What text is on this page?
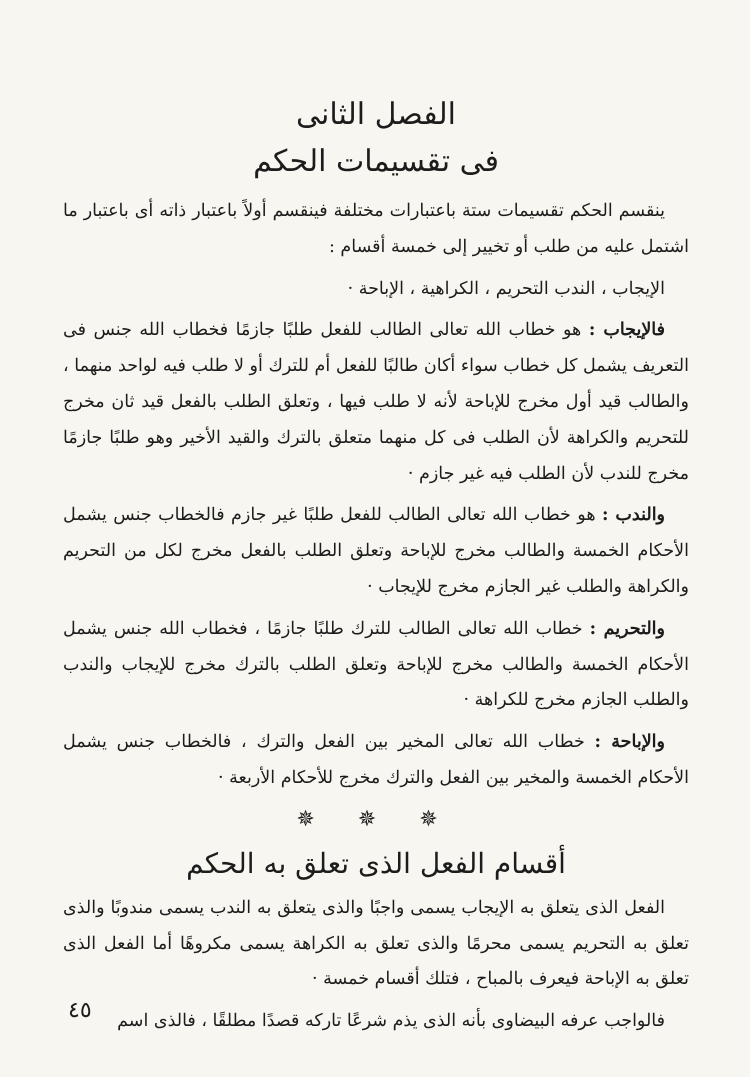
الفصل الثانى
فى تقسيمات الحكم

ينقسم الحكم تقسيمات ستة باعتبارات مختلفة فينقسم أولاً باعتبار ذاته أى باعتبار ما اشتمل عليه من طلب أو تخيير إلى خمسة أقسام :

الإيجاب ، الندب التحريم ، الكراهية ، الإباحة ·

فالإيجاب : هو خطاب الله تعالى الطالب للفعل طلبًا جازمًا فخطاب الله جنس فى التعريف يشمل كل خطاب سواء أكان طالبًا للفعل أم للترك أو لا طلب فيه لواحد منهما ، والطالب قيد أول مخرج للإباحة لأنه لا طلب فيها ، وتعلق الطلب بالفعل قيد ثان مخرج للتحريم والكراهة لأن الطلب فى كل منهما متعلق بالترك والقيد الأخير وهو طلبًا جازمًا مخرج للندب لأن الطلب فيه غير جازم ·

والندب : هو خطاب الله تعالى الطالب للفعل طلبًا غير جازم فالخطاب جنس يشمل الأحكام الخمسة والطالب مخرج للإباحة وتعلق الطلب بالفعل مخرج لكل من التحريم والكراهة والطلب غير الجازم مخرج للإيجاب ·

والتحريم : خطاب الله تعالى الطالب للترك طلبًا جازمًا ، فخطاب الله جنس يشمل الأحكام الخمسة والطالب مخرج للإباحة وتعلق الطلب بالترك مخرج للإيجاب والندب والطلب الجازم مخرج للكراهة ·

والإباحة : خطاب الله تعالى المخير بين الفعل والترك ، فالخطاب جنس يشمل الأحكام الخمسة والمخير بين الفعل والترك مخرج للأحكام الأربعة ·

✵ ✵ ✵
أقسام الفعل الذى تعلق به الحكم

الفعل الذى يتعلق به الإيجاب يسمى واجبًا والذى يتعلق به الندب يسمى مندوبًا والذى تعلق به التحريم يسمى محرمًا والذى تعلق به الكراهة يسمى مكروهًا أما الفعل الذى تعلق به الإباحة فيعرف بالمباح ، فتلك أقسام خمسة ·

فالواجب عرفه البيضاوى بأنه الذى يذم شرعًا تاركه قصدًا مطلقًا ، فالذى اسم

٤٥
